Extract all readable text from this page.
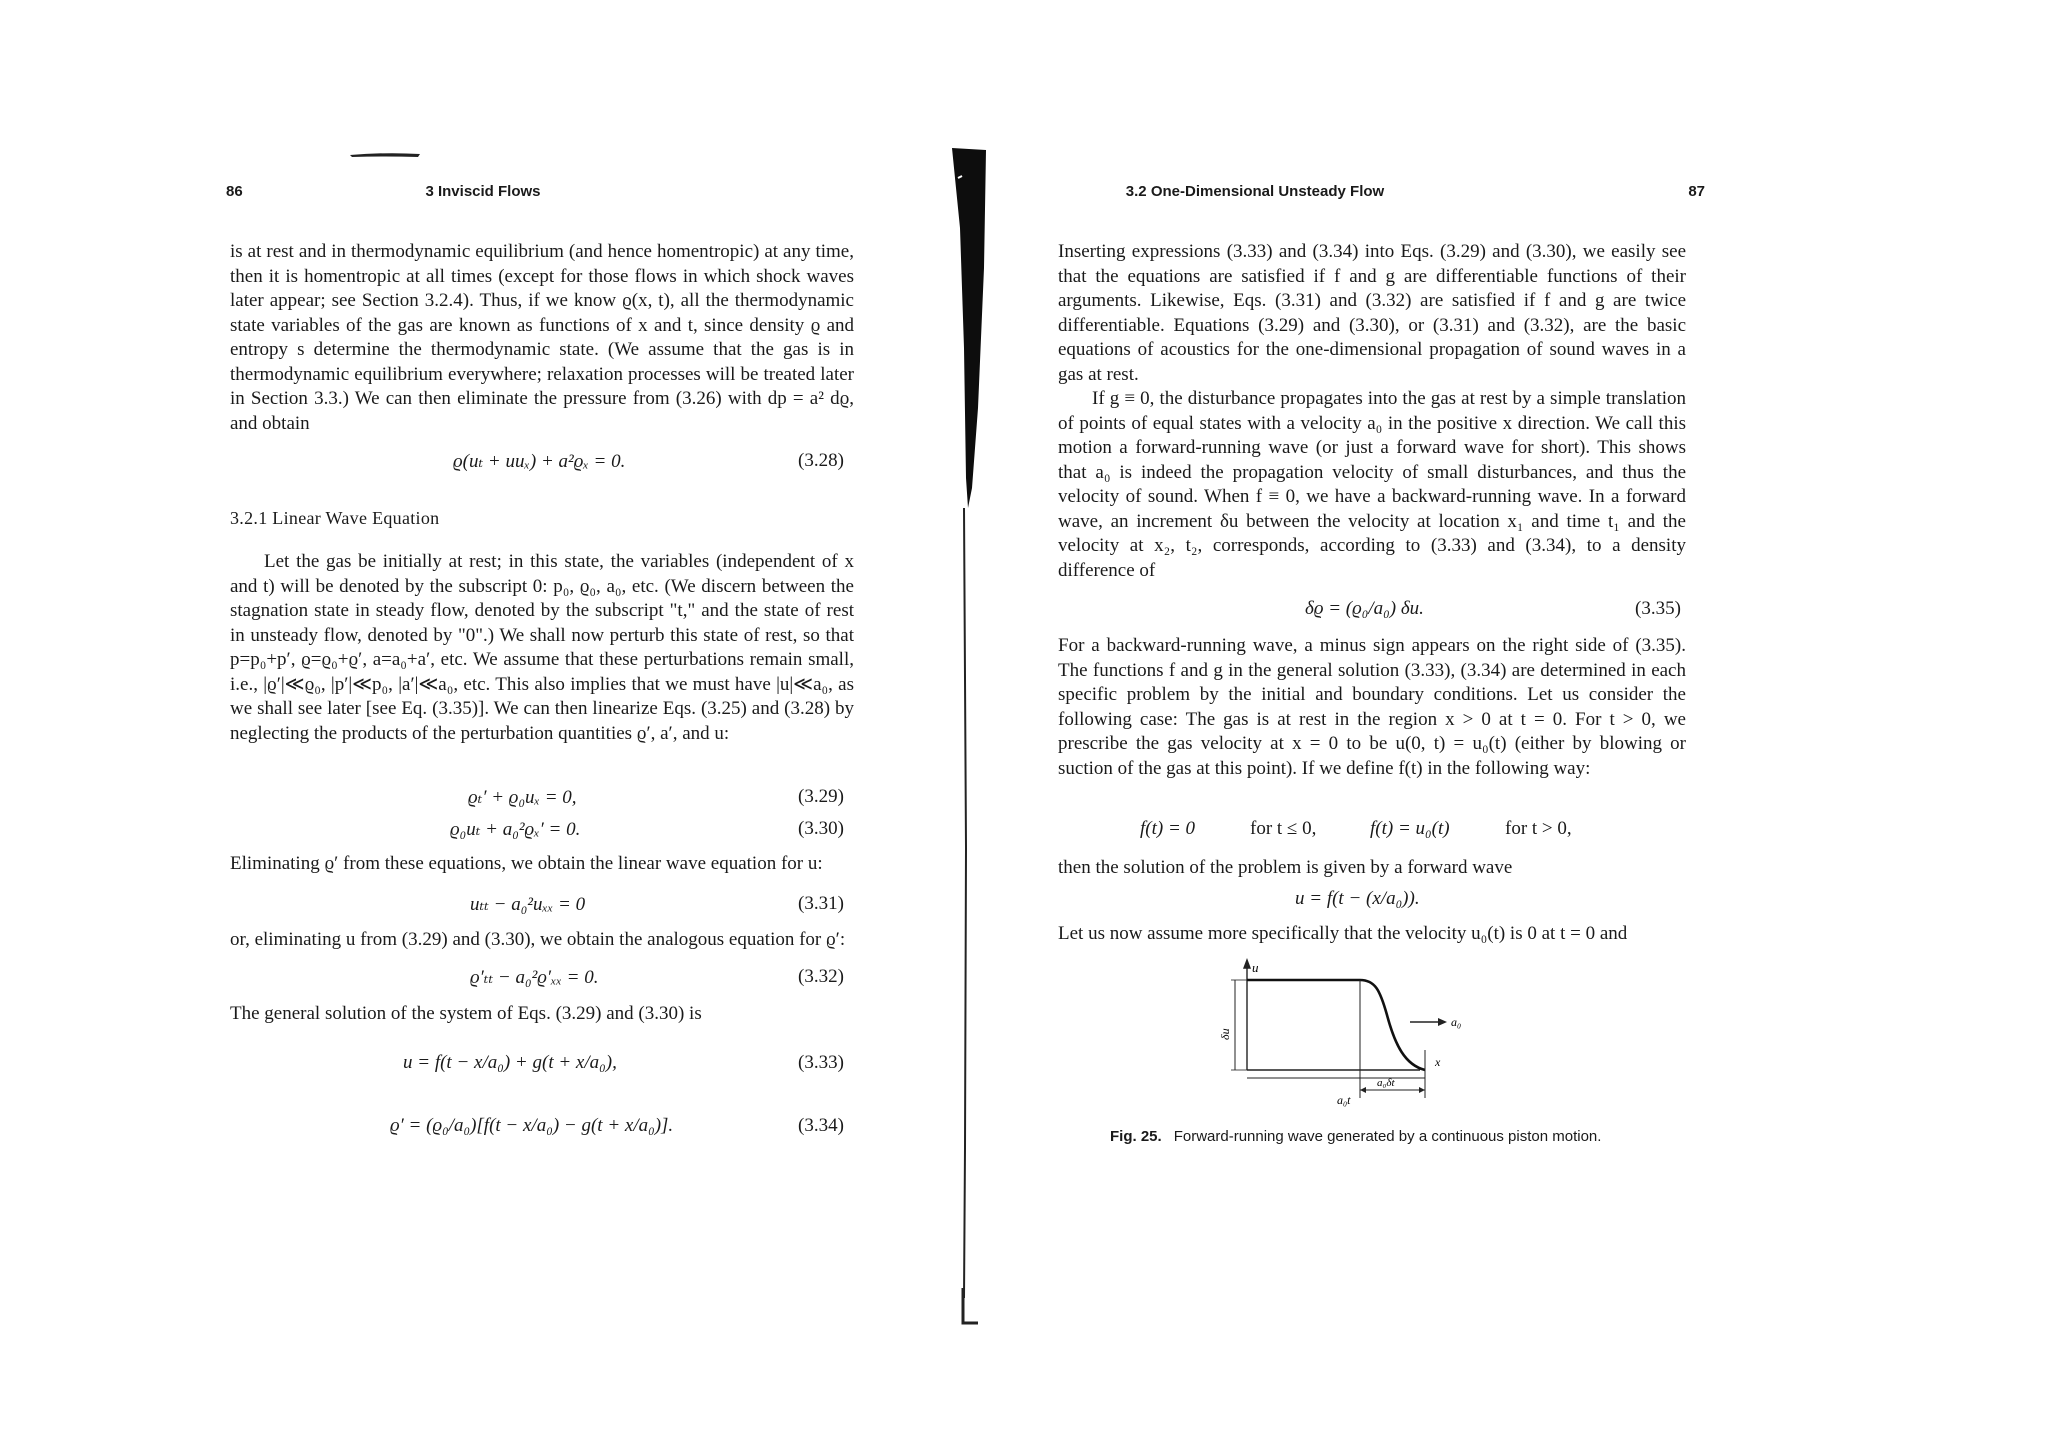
86	3 Inviscid Flows

is at rest and in thermodynamic equilibrium (and hence homentropic) at any time, then it is homentropic at all times (except for those flows in which shock waves later appear; see Section 3.2.4). Thus, if we know ϱ(x, t), all the thermodynamic state variables of the gas are known as functions of x and t, since density ϱ and entropy s determine the thermodynamic state. (We assume that the gas is in thermodynamic equilibrium everywhere; relaxation processes will be treated later in Section 3.3.) We can then eliminate the pressure from (3.26) with dp = a² dϱ, and obtain

ϱ(uₜ + uuₓ) + a²ϱₓ = 0.	(3.28)
3.2.1 Linear Wave Equation

Let the gas be initially at rest; in this state, the variables (independent of x and t) will be denoted by the subscript 0: p₀, ϱ₀, a₀, etc. (We discern between the stagnation state in steady flow, denoted by the subscript "t," and the state of rest in unsteady flow, denoted by "0".) We shall now perturb this state of rest, so that p=p₀+p′, ϱ=ϱ₀+ϱ′, a=a₀+a′, etc. We assume that these perturbations remain small, i.e., |ϱ′|≪ϱ₀, |p′|≪p₀, |a′|≪a₀, etc. This also implies that we must have |u|≪a₀, as we shall see later [see Eq. (3.35)]. We can then linearize Eqs. (3.25) and (3.28) by neglecting the products of the perturbation quantities ϱ′, a′, and u:

ϱₜ′ + ϱ₀uₓ = 0,	(3.29)
ϱ₀uₜ + a₀²ϱₓ′ = 0.	(3.30)

Eliminating ϱ′ from these equations, we obtain the linear wave equation for u:

uₜₜ − a₀²uₓₓ = 0	(3.31)

or, eliminating u from (3.29) and (3.30), we obtain the analogous equation for ϱ′:

ϱ′ₜₜ − a₀²ϱ′ₓₓ = 0.	(3.32)

The general solution of the system of Eqs. (3.29) and (3.30) is

u = f(t − x/a₀) + g(t + x/a₀),	(3.33)
ϱ′ = (ϱ₀/a₀)[f(t − x/a₀) − g(t + x/a₀)].	(3.34)
3.2 One-Dimensional Unsteady Flow	87

Inserting expressions (3.33) and (3.34) into Eqs. (3.29) and (3.30), we easily see that the equations are satisfied if f and g are differentiable functions of their arguments. Likewise, Eqs. (3.31) and (3.32) are satisfied if f and g are twice differentiable. Equations (3.29) and (3.30), or (3.31) and (3.32), are the basic equations of acoustics for the one-dimensional propagation of sound waves in a gas at rest.

If g ≡ 0, the disturbance propagates into the gas at rest by a simple translation of points of equal states with a velocity a₀ in the positive x direction. We call this motion a forward-running wave (or just a forward wave for short). This shows that a₀ is indeed the propagation velocity of small disturbances, and thus the velocity of sound. When f ≡ 0, we have a backward-running wave. In a forward wave, an increment δu between the velocity at location x₁ and time t₁ and the velocity at x₂, t₂, corresponds, according to (3.33) and (3.34), to a density difference of

δϱ = (ϱ₀/a₀) δu.	(3.35)

For a backward-running wave, a minus sign appears on the right side of (3.35). The functions f and g in the general solution (3.33), (3.34) are determined in each specific problem by the initial and boundary conditions. Let us consider the following case: The gas is at rest in the region x > 0 at t = 0. For t > 0, we prescribe the gas velocity at x = 0 to be u(0, t) = u₀(t) (either by blowing or suction of the gas at this point). If we define f(t) in the following way:

f(t) = 0	for t ≤ 0,	f(t) = u₀(t)	for t > 0,

then the solution of the problem is given by a forward wave

u = f(t − (x/a₀)).

Let us now assume more specifically that the velocity u₀(t) is 0 at t = 0 and

Fig. 25. Forward-running wave generated by a continuous piston motion.
u
δu
a₀
x
a₀t
a₀δt
